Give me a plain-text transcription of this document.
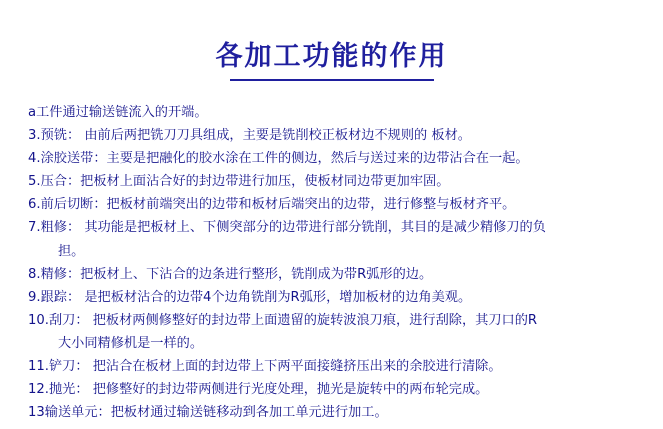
各加工功能的作用
a工件通过输送链流入的开端。
3.预铣： 由前后两把铣刀刀具组成，主要是铣削校正板材边不规则的 板材。
4.涂胶送带：主要是把融化的胶水涂在工件的侧边，然后与送过来的边带沾合在一起。
5.压合：把板材上面沾合好的封边带进行加压，使板材同边带更加牢固。
6.前后切断：把板材前端突出的边带和板材后端突出的边带，进行修整与板材齐平。
7.粗修： 其功能是把板材上、下侧突部分的边带进行部分铣削，其目的是减少精修刀的负
担。
8.精修：把板材上、下沾合的边条进行整形，铣削成为带R弧形的边。
9.跟踪： 是把板材沾合的边带4个边角铣削为R弧形，增加板材的边角美观。
10.刮刀： 把板材两侧修整好的封边带上面遗留的旋转波浪刀痕，进行刮除，其刀口的R
大小同精修机是一样的。
11.铲刀： 把沾合在板材上面的封边带上下两平面接缝挤压出来的余胶进行清除。
12.抛光： 把修整好的封边带两侧进行光度处理，抛光是旋转中的两布轮完成。
13输送单元：把板材通过输送链移动到各加工单元进行加工。
